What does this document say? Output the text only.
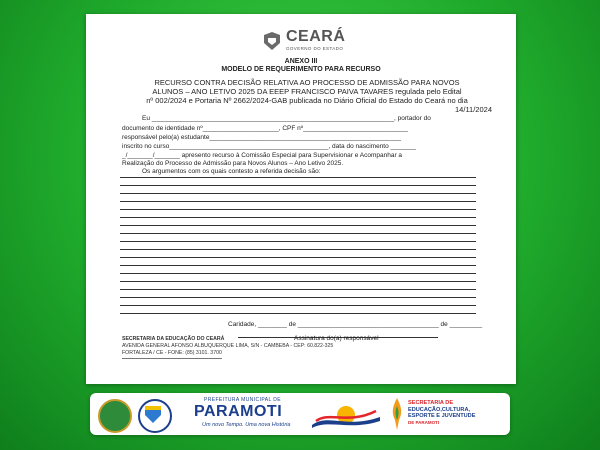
CEARÁ
GOVERNO DO ESTADO
ANEXO III
MODELO DE REQUERIMENTO PARA RECURSO
RECURSO CONTRA DECISÃO RELATIVA AO PROCESSO DE ADMISSÃO PARA NOVOS
ALUNOS – ANO LETIVO 2025 DA EEEP FRANCISCO PAIVA TAVARES regulada pelo Edital
nº 002/2024 e Portaria Nº 2662/2024-GAB publicada no Diário Oficial do Estado do Ceará no dia

14/11/2024
Eu ___________________________________________________________________, portador do
documento de identidade nº_____________________, CPF nº_____________________________
responsável pelo(a) estudante_____________________________________________________
inscrito no curso____________________________________________, data do nascimento _______
_/_______/_______ apresento recurso à Comissão Especial para Supervisionar e Acompanhar a
Realização do Processo de Admissão para Novos Alunos – Ano Letivo 2025.
Os argumentos com os quais contesto a referida decisão são:
Caridade, ________ de _______________________________________ de _________
Assinatura do(a) responsável
SECRETARIA DA EDUCAÇÃO DO CEARÁ
AVENIDA GENERAL AFONSO ALBUQUERQUE LIMA, S/N - CAMBEBA - CEP: 60.822-325
FORTALEZA / CE - FONE: (85) 3101. 3700
PREFEITURA MUNICIPAL DE
PARAMOTI
Um novo Tempo. Uma nova História
SECRETARIA DE
EDUCAÇÃO,CULTURA,
ESPORTE E JUVENTUDE
DE PARAMOTI
